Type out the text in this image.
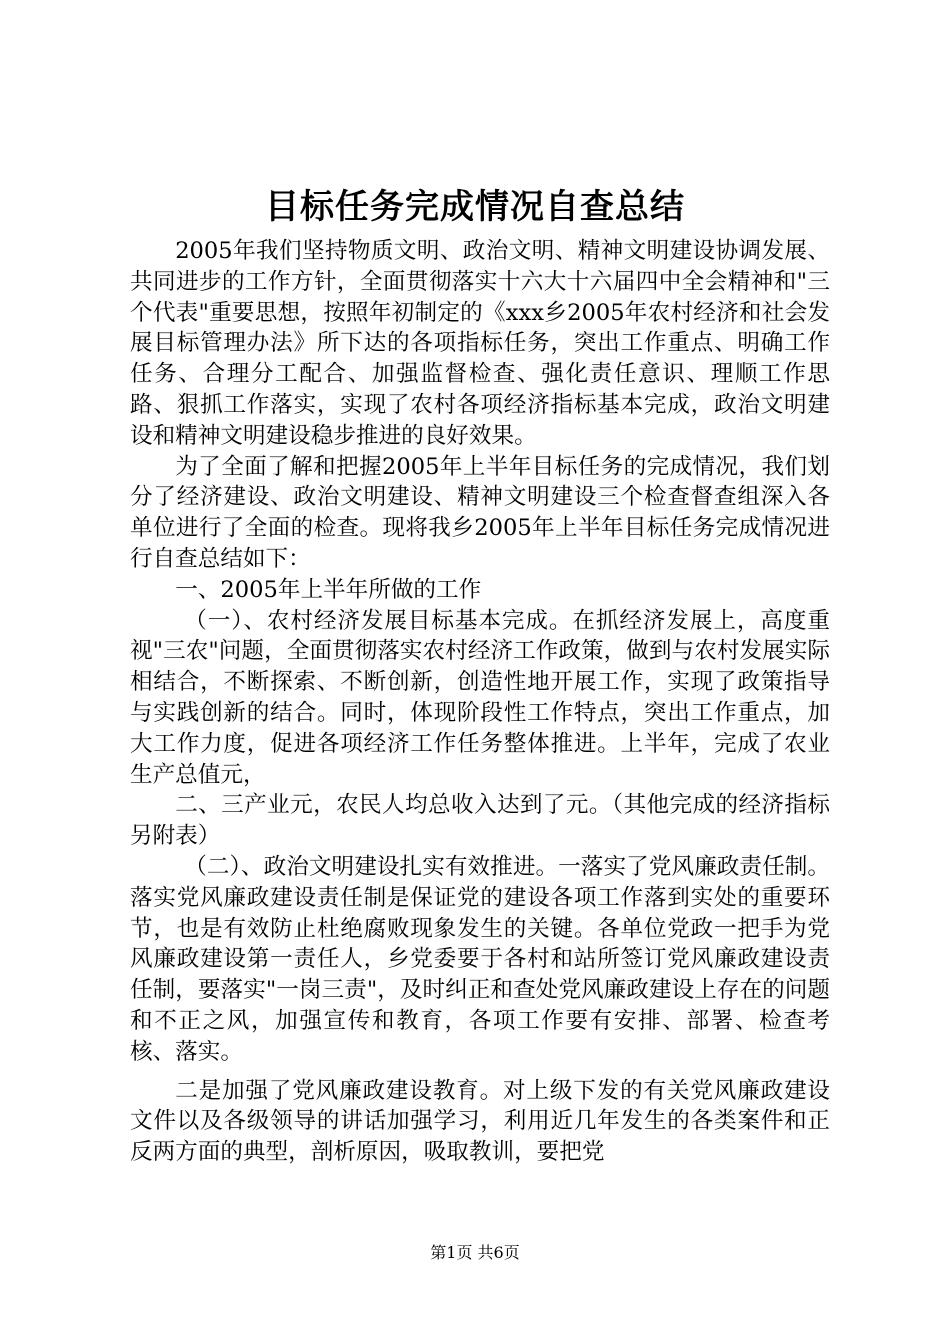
目标任务完成情况自查总结

2005年我们坚持物质文明、政治文明、精神文明建设协调发展、共同进步的工作方针，全面贯彻落实十六大十六届四中全会精神和"三个代表"重要思想，按照年初制定的《xxx乡2005年农村经济和社会发展目标管理办法》所下达的各项指标任务，突出工作重点、明确工作任务、合理分工配合、加强监督检查、强化责任意识、理顺工作思路、狠抓工作落实，实现了农村各项经济指标基本完成，政治文明建设和精神文明建设稳步推进的良好效果。

为了全面了解和把握2005年上半年目标任务的完成情况，我们划分了经济建设、政治文明建设、精神文明建设三个检查督查组深入各单位进行了全面的检查。现将我乡2005年上半年目标任务完成情况进行自查总结如下：

一、2005年上半年所做的工作

（一）、农村经济发展目标基本完成。在抓经济发展上，高度重视"三农"问题，全面贯彻落实农村经济工作政策，做到与农村发展实际相结合，不断探索、不断创新，创造性地开展工作，实现了政策指导与实践创新的结合。同时，体现阶段性工作特点，突出工作重点，加大工作力度，促进各项经济工作任务整体推进。上半年，完成了农业生产总值元，

二、三产业元，农民人均总收入达到了元。（其他完成的经济指标另附表）

（二）、政治文明建设扎实有效推进。一落实了党风廉政责任制。落实党风廉政建设责任制是保证党的建设各项工作落到实处的重要环节，也是有效防止杜绝腐败现象发生的关键。各单位党政一把手为党风廉政建设第一责任人，乡党委要于各村和站所签订党风廉政建设责任制，要落实"一岗三责"，及时纠正和查处党风廉政建设上存在的问题和不正之风，加强宣传和教育，各项工作要有安排、部署、检查考核、落实。

二是加强了党风廉政建设教育。对上级下发的有关党风廉政建设文件以及各级领导的讲话加强学习，利用近几年发生的各类案件和正反两方面的典型，剖析原因，吸取教训，要把党

第1页 共6页
